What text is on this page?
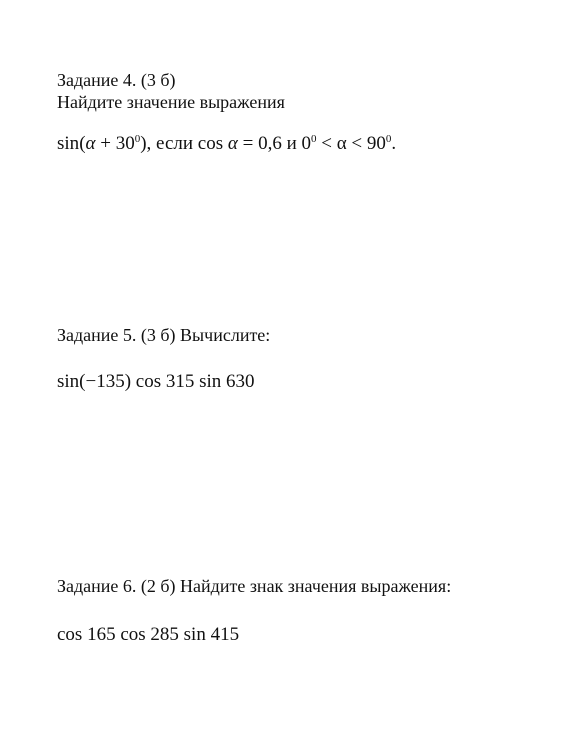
Задание 4. (3 б)
Найдите значение выражения
$\sin(\alpha + 30^0)$, если cos α = 0,6 и $0^0 < \alpha < 90^0$.
Задание 5. (3 б) Вычислите:
sin(−135) cos 315 sin 630
Задание 6. (2 б) Найдите знак значения выражения:
cos 165 cos 285 sin 415
